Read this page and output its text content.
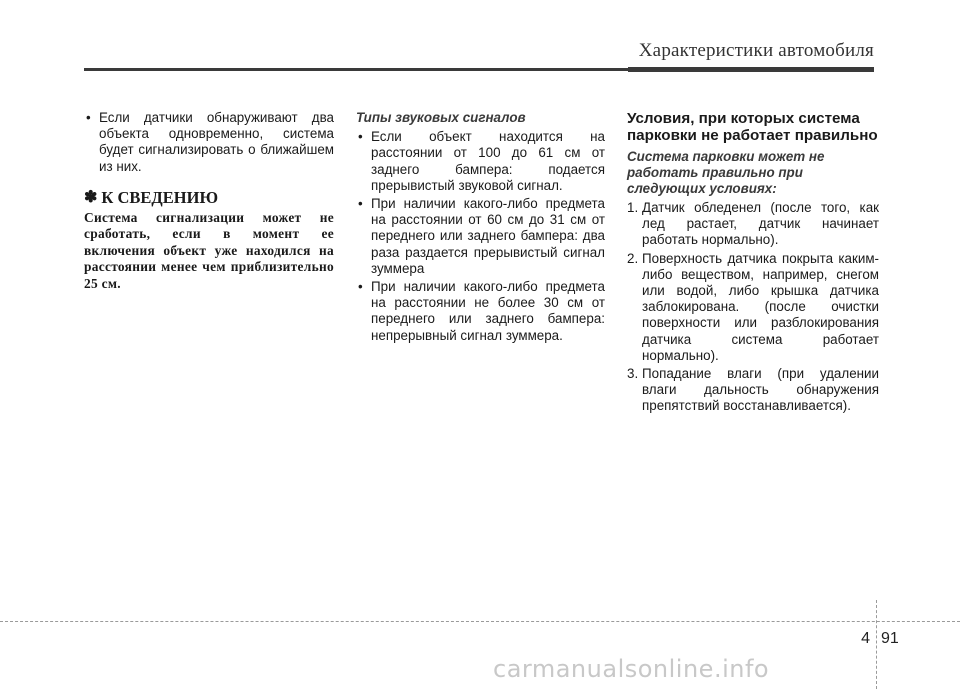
Характеристики автомобиля
• Если датчики обнаруживают два объекта одновременно, система будет сигнализировать о ближайшем из них.
✽ К СВЕДЕНИЮ
Система сигнализации может не сработать, если в момент ее включения объект уже находился на расстоянии менее чем приблизительно 25 см.
Типы звуковых сигналов
• Если объект находится на расстоянии от 100 до 61 см от заднего бампера: подается прерывистый звуковой сигнал.
• При наличии какого-либо предмета на расстоянии от 60 см до 31 см от переднего или заднего бампера: два раза раздается прерывистый сигнал зуммера
• При наличии какого-либо предмета на расстоянии не более 30 см от переднего или заднего бампера: непрерывный сигнал зуммера.
Условия, при которых система парковки не работает правильно
Система парковки может не работать правильно при следующих условиях:
1. Датчик обледенел (после того, как лед растает, датчик начинает работать нормально).
2. Поверхность датчика покрыта каким-либо веществом, например, снегом или водой, либо крышка датчика заблокирована. (после очистки поверхности или разблокирования датчика система работает нормально).
3. Попадание влаги (при удалении влаги дальность обнаружения препятствий восстанавливается).
4 91
carmanualsonline.info
